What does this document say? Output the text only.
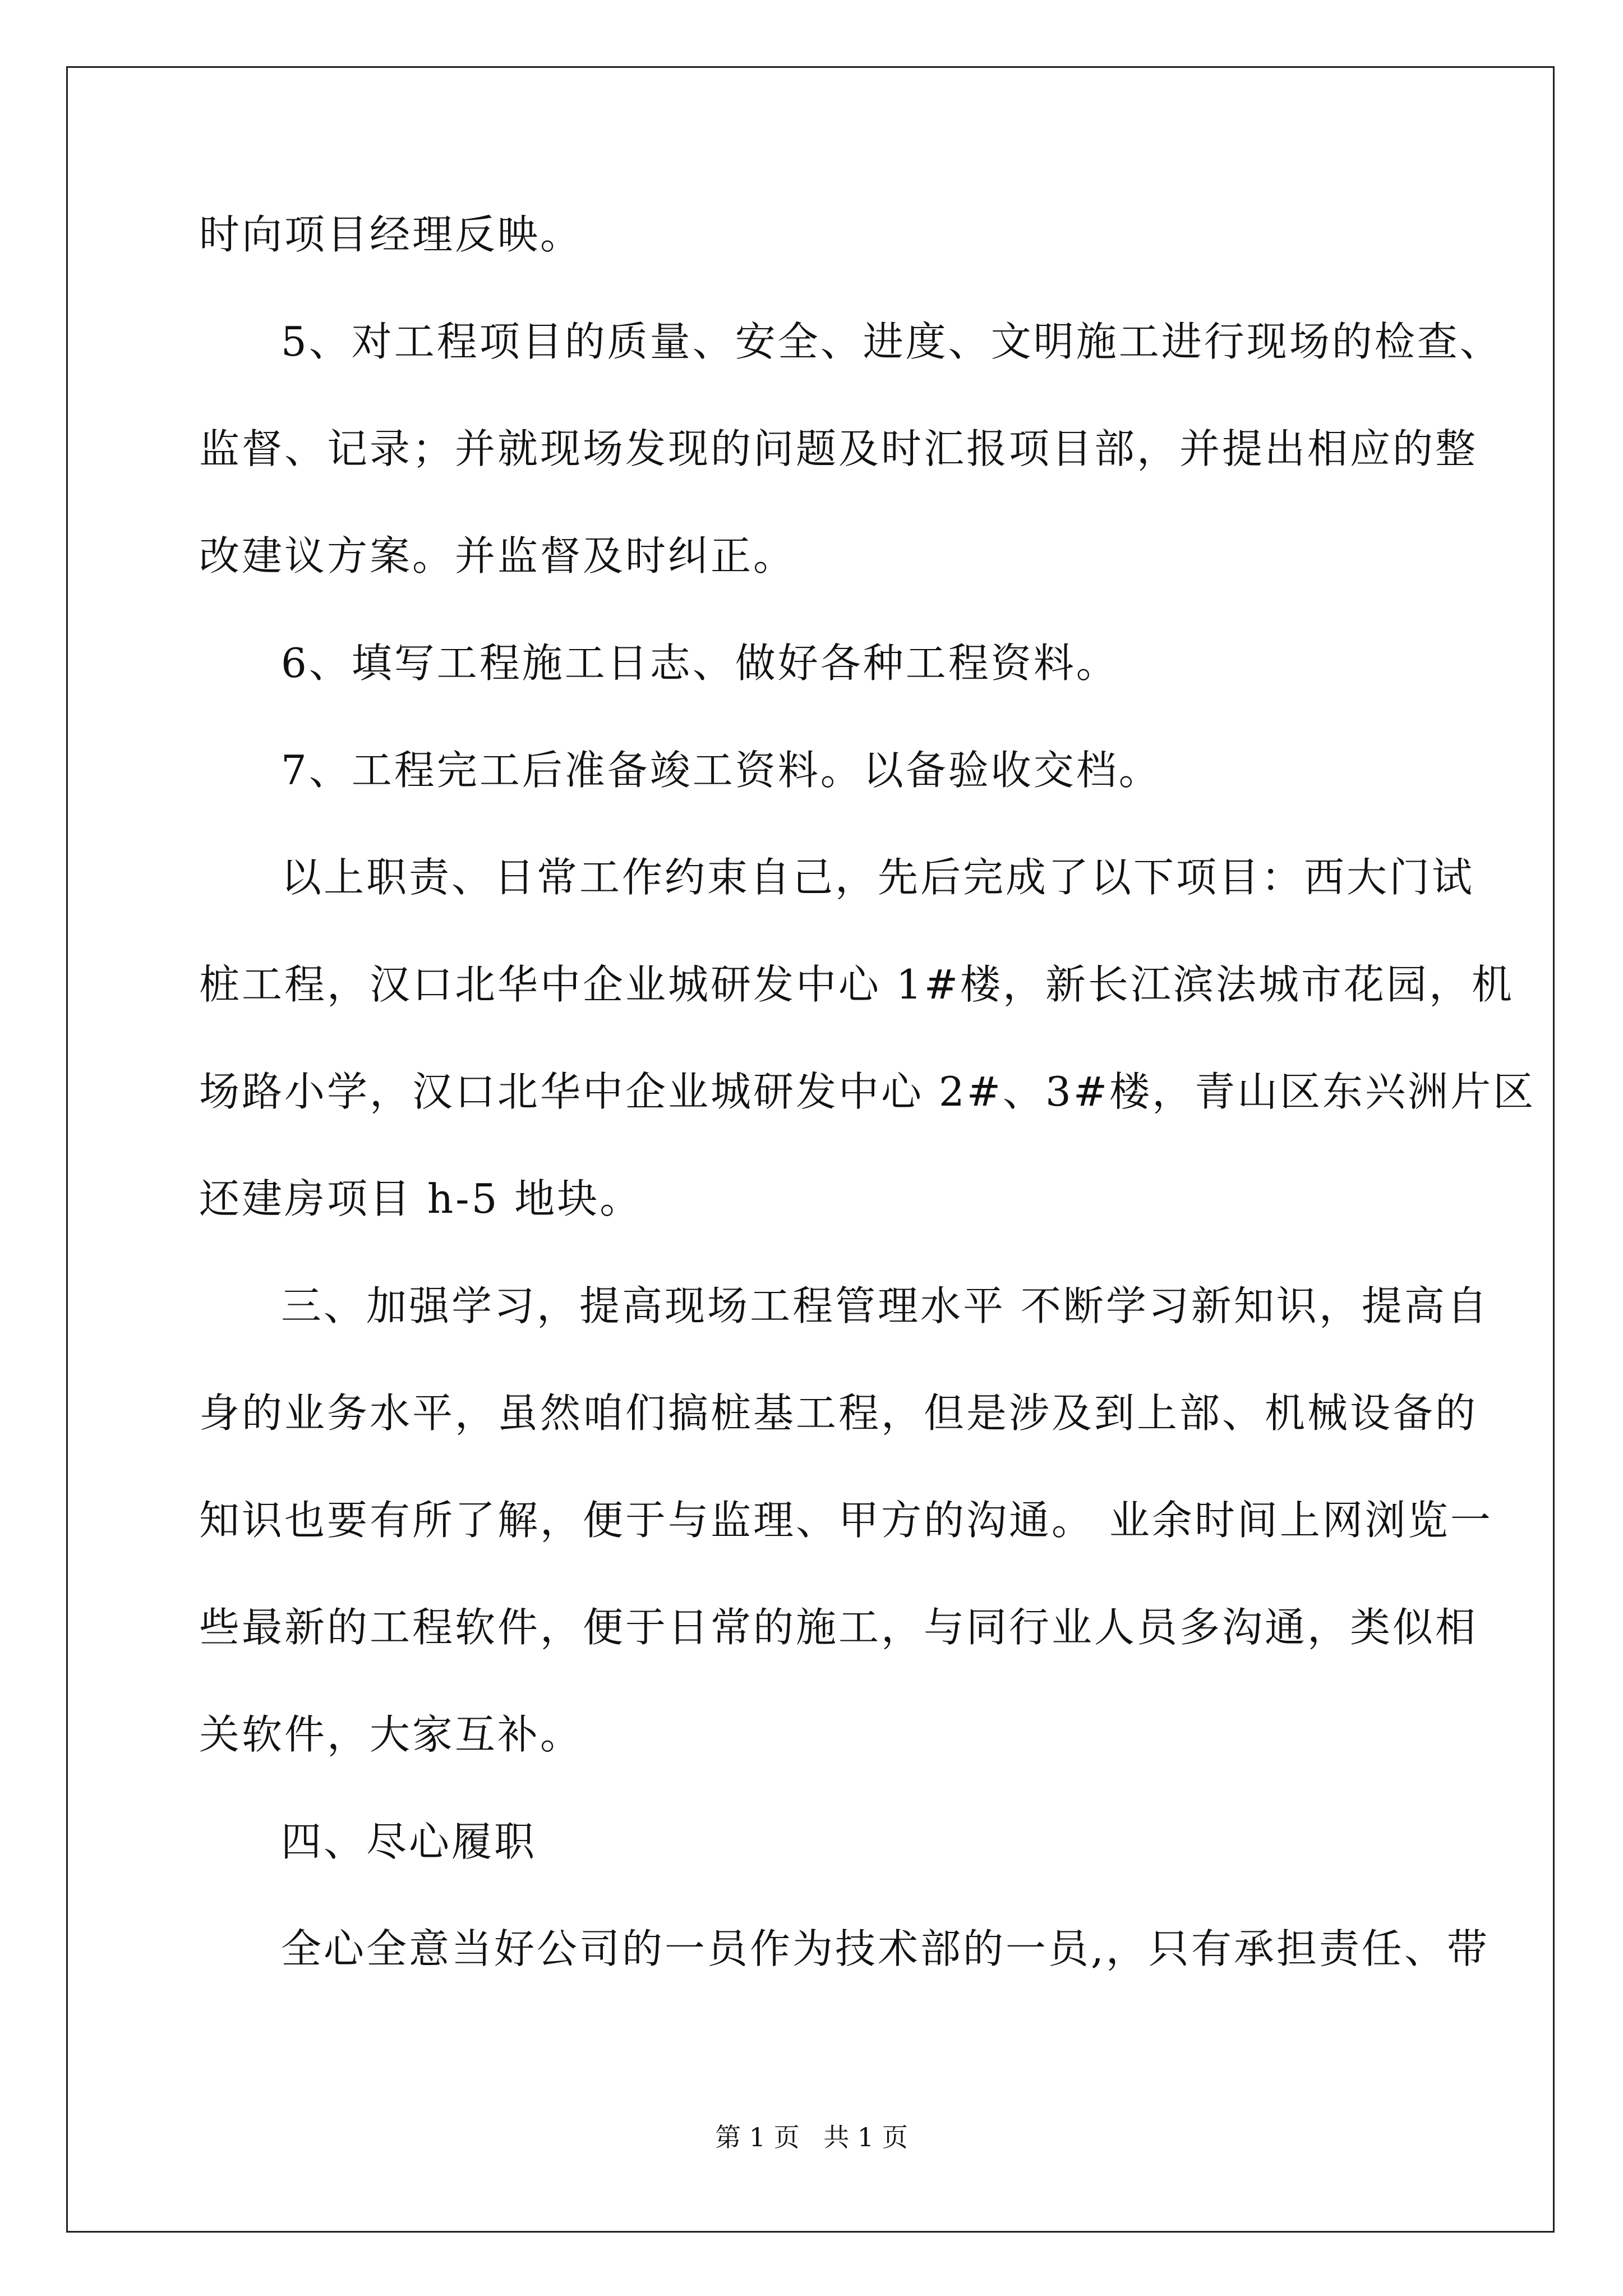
时向项目经理反映。
5、对工程项目的质量、安全、进度、文明施工进行现场的检查、
监督、记录；并就现场发现的问题及时汇报项目部，并提出相应的整
改建议方案。并监督及时纠正。
6、填写工程施工日志、做好各种工程资料。
7、工程完工后准备竣工资料。以备验收交档。
以上职责、日常工作约束自己，先后完成了以下项目：西大门试
桩工程，汉口北华中企业城研发中心 1#楼，新长江滨法城市花园，机
场路小学，汉口北华中企业城研发中心 2#、3#楼，青山区东兴洲片区
还建房项目 h-5 地块。
三、加强学习，提高现场工程管理水平 不断学习新知识，提高自
身的业务水平，虽然咱们搞桩基工程，但是涉及到上部、机械设备的
知识也要有所了解，便于与监理、甲方的沟通。 业余时间上网浏览一
些最新的工程软件，便于日常的施工，与同行业人员多沟通，类似相
关软件，大家互补。
四、尽心履职
全心全意当好公司的一员作为技术部的一员,，只有承担责任、带
第 1 页 共 1 页
